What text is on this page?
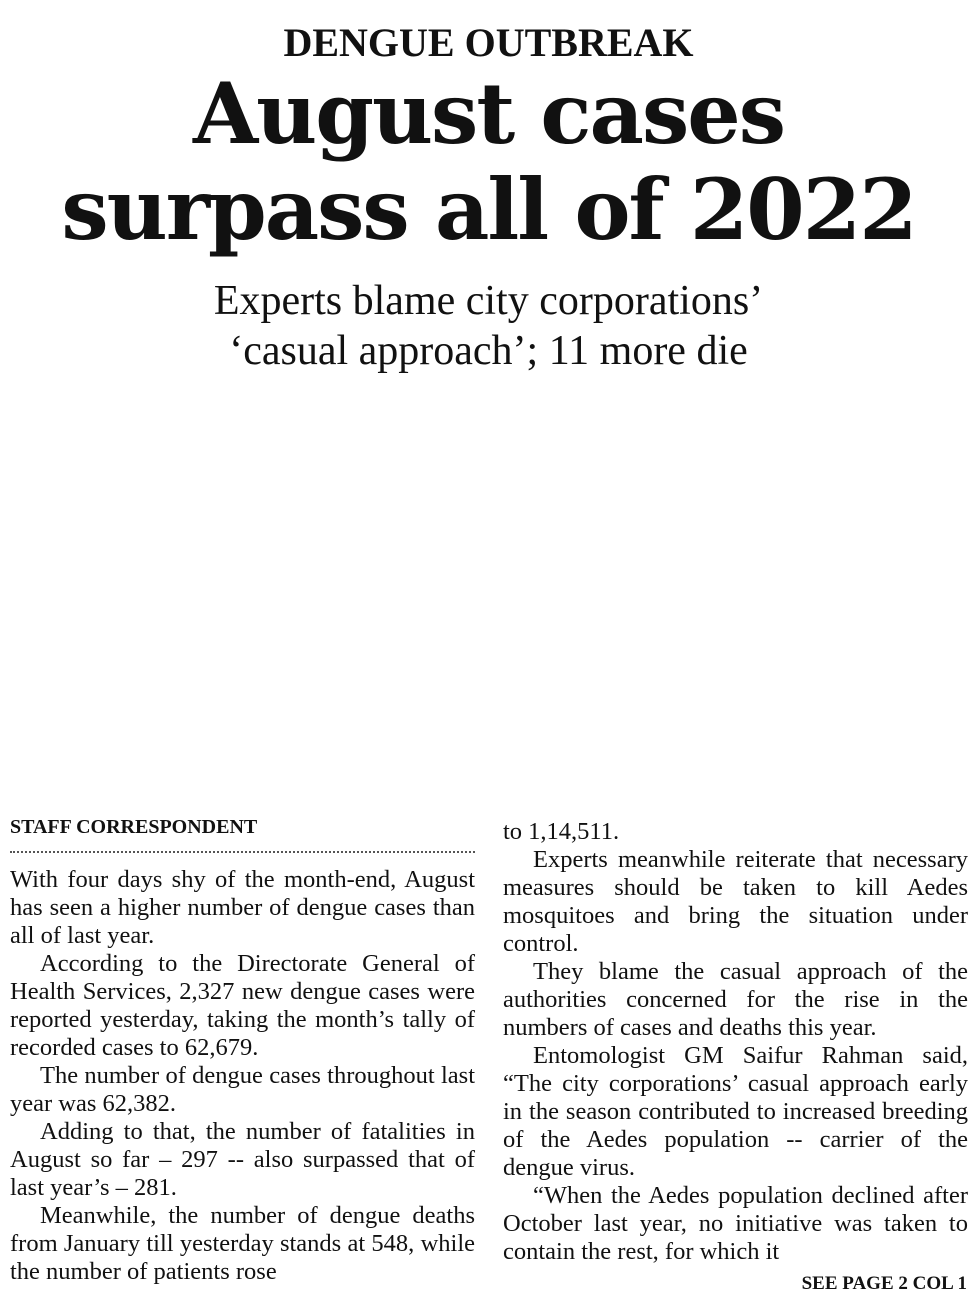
DENGUE OUTBREAK
August cases
surpass all of 2022
Experts blame city corporations’
‘casual approach’; 11 more die
STAFF CORRESPONDENT

With four days shy of the month-end, August has seen a higher number of dengue cases than all of last year.

According to the Directorate General of Health Services, 2,327 new dengue cases were reported yesterday, taking the month’s tally of recorded cases to 62,679.

The number of dengue cases throughout last year was 62,382.

Adding to that, the number of fatalities in August so far – 297 -- also surpassed that of last year’s – 281.

Meanwhile, the number of dengue deaths from January till yesterday stands at 548, while the number of patients rose

to 1,14,511.

Experts meanwhile reiterate that necessary measures should be taken to kill Aedes mosquitoes and bring the situation under control.

They blame the casual approach of the authorities concerned for the rise in the numbers of cases and deaths this year.

Entomologist GM Saifur Rahman said, “The city corporations’ casual approach early in the season contributed to increased breeding of the Aedes population -- carrier of the dengue virus.

“When the Aedes population declined after October last year, no initiative was taken to contain the rest, for which it

SEE PAGE 2 COL 1
